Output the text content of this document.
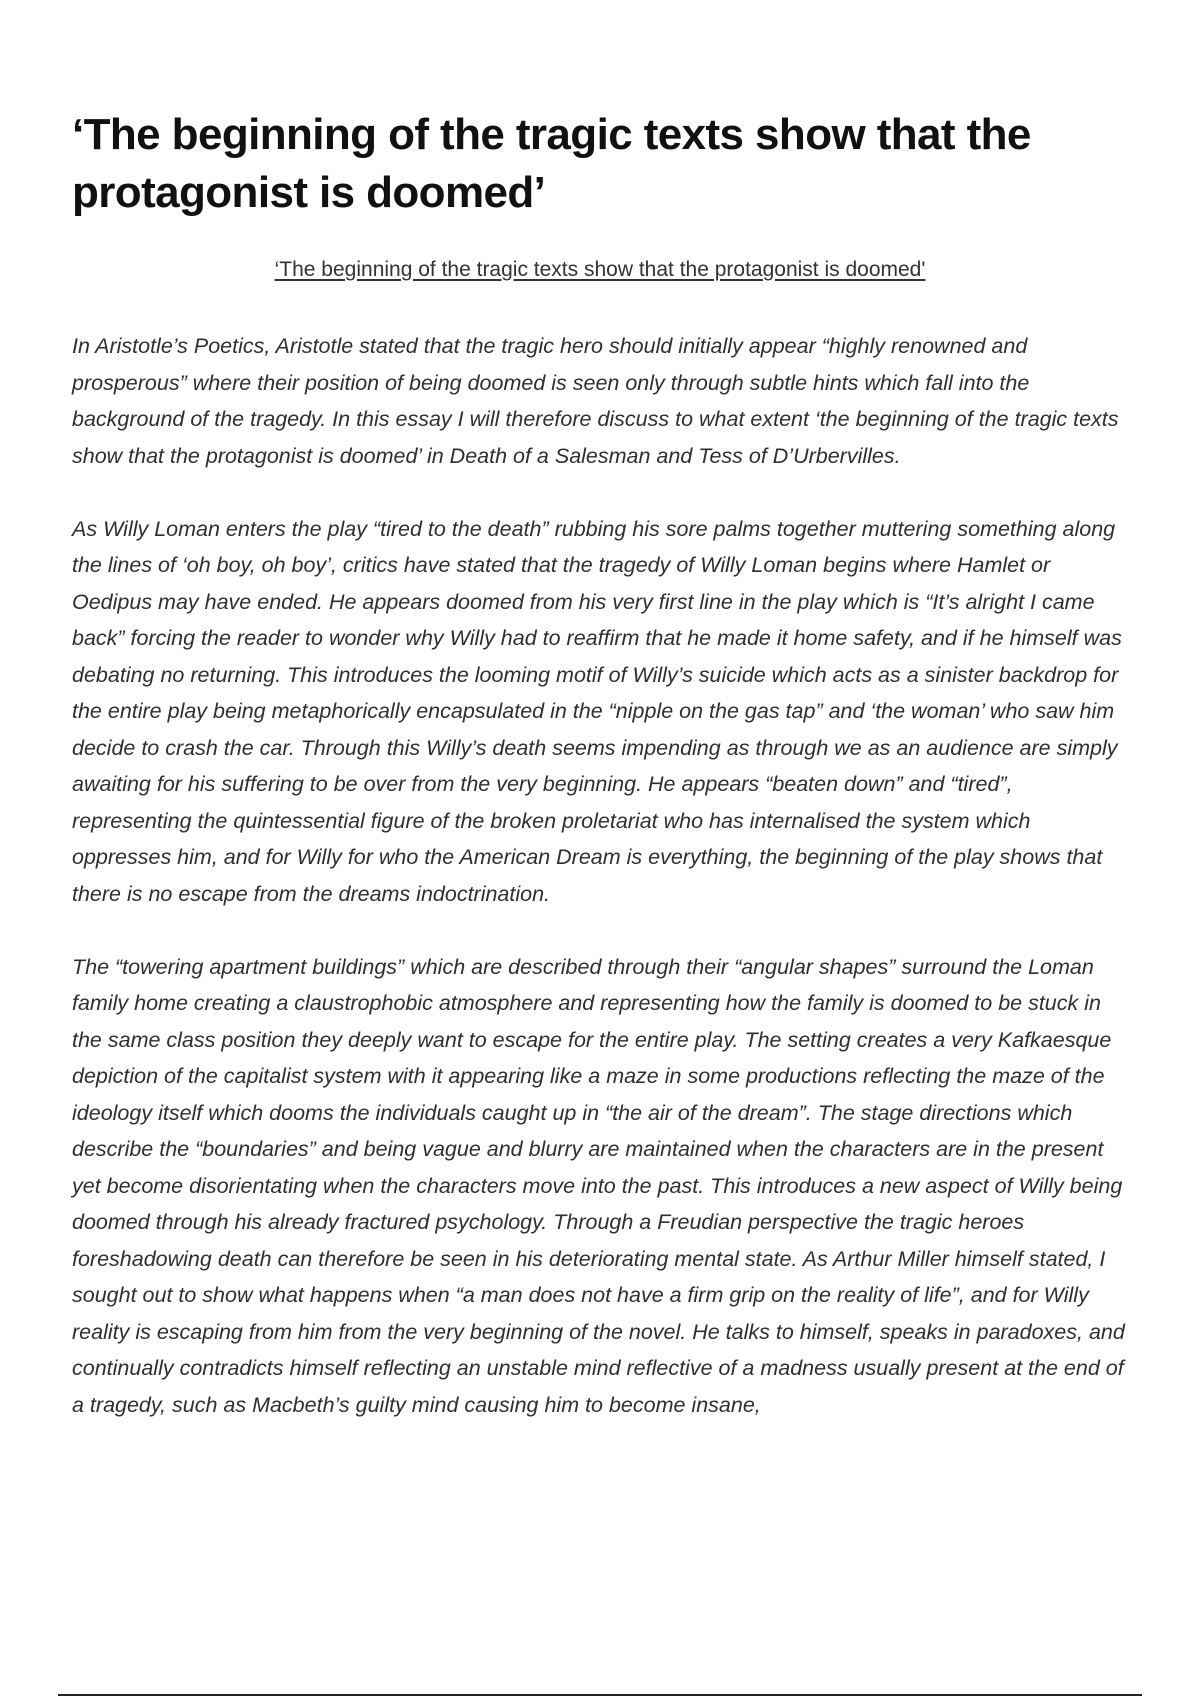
‘The beginning of the tragic texts show that the protagonist is doomed’
‘The beginning of the tragic texts show that the protagonist is doomed'

In Aristotle’s Poetics, Aristotle stated that the tragic hero should initially appear “highly renowned and prosperous” where their position of being doomed is seen only through subtle hints which fall into the background of the tragedy. In this essay I will therefore discuss to what extent ‘the beginning of the tragic texts show that the protagonist is doomed’ in Death of a Salesman and Tess of D’Urbervilles.

As Willy Loman enters the play “tired to the death” rubbing his sore palms together muttering something along the lines of ‘oh boy, oh boy’, critics have stated that the tragedy of Willy Loman begins where Hamlet or Oedipus may have ended. He appears doomed from his very first line in the play which is “It’s alright I came back” forcing the reader to wonder why Willy had to reaffirm that he made it home safety, and if he himself was debating no returning. This introduces the looming motif of Willy’s suicide which acts as a sinister backdrop for the entire play being metaphorically encapsulated in the “nipple on the gas tap” and ‘the woman’ who saw him decide to crash the car. Through this Willy’s death seems impending as through we as an audience are simply awaiting for his suffering to be over from the very beginning. He appears “beaten down” and “tired”, representing the quintessential figure of the broken proletariat who has internalised the system which oppresses him, and for Willy for who the American Dream is everything, the beginning of the play shows that there is no escape from the dreams indoctrination.

The “towering apartment buildings” which are described through their “angular shapes” surround the Loman family home creating a claustrophobic atmosphere and representing how the family is doomed to be stuck in the same class position they deeply want to escape for the entire play. The setting creates a very Kafkaesque depiction of the capitalist system with it appearing like a maze in some productions reflecting the maze of the ideology itself which dooms the individuals caught up in “the air of the dream”. The stage directions which describe the “boundaries” and being vague and blurry are maintained when the characters are in the present yet become disorientating when the characters move into the past. This introduces a new aspect of Willy being doomed through his already fractured psychology. Through a Freudian perspective the tragic heroes foreshadowing death can therefore be seen in his deteriorating mental state. As Arthur Miller himself stated, I sought out to show what happens when “a man does not have a firm grip on the reality of life”, and for Willy reality is escaping from him from the very beginning of the novel. He talks to himself, speaks in paradoxes, and continually contradicts himself reflecting an unstable mind reflective of a madness usually present at the end of a tragedy, such as Macbeth’s guilty mind causing him to become insane,
